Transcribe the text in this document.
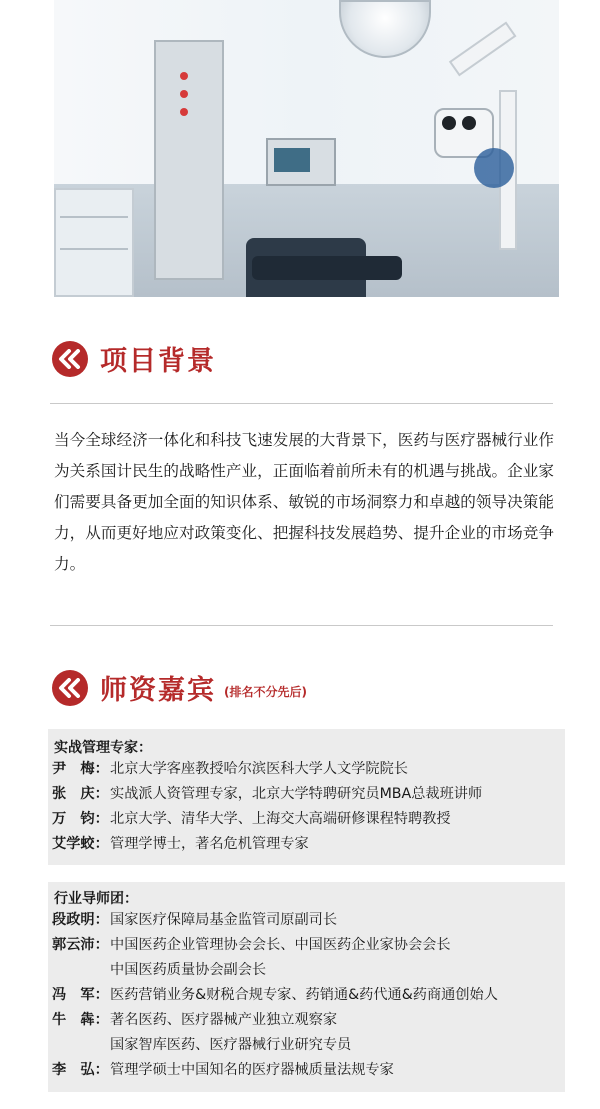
项目背景
当今全球经济一体化和科技飞速发展的大背景下，医药与医疗器械行业作为关系国计民生的战略性产业，正面临着前所未有的机遇与挑战。企业家们需要具备更加全面的知识体系、敏锐的市场洞察力和卓越的领导决策能力，从而更好地应对政策变化、把握科技发展趋势、提升企业的市场竞争力。
师资嘉宾 (排名不分先后)
实战管理专家：
尹　梅： 北京大学客座教授哈尔滨医科大学人文学院院长
张　庆： 实战派人资管理专家，北京大学特聘研究员MBA总裁班讲师
万　钧： 北京大学、清华大学、上海交大高端研修课程特聘教授
艾学蛟： 管理学博士，著名危机管理专家
行业导师团：
段政明： 国家医疗保障局基金监管司原副司长
郭云沛： 中国医药企业管理协会会长、中国医药企业家协会会长
中国医药质量协会副会长
冯　军： 医药营销业务&财税合规专家、药销通&药代通&药商通创始人
牛　犇： 著名医药、医疗器械产业独立观察家
国家智库医药、医疗器械行业研究专员
李　弘： 管理学硕士中国知名的医疗器械质量法规专家
